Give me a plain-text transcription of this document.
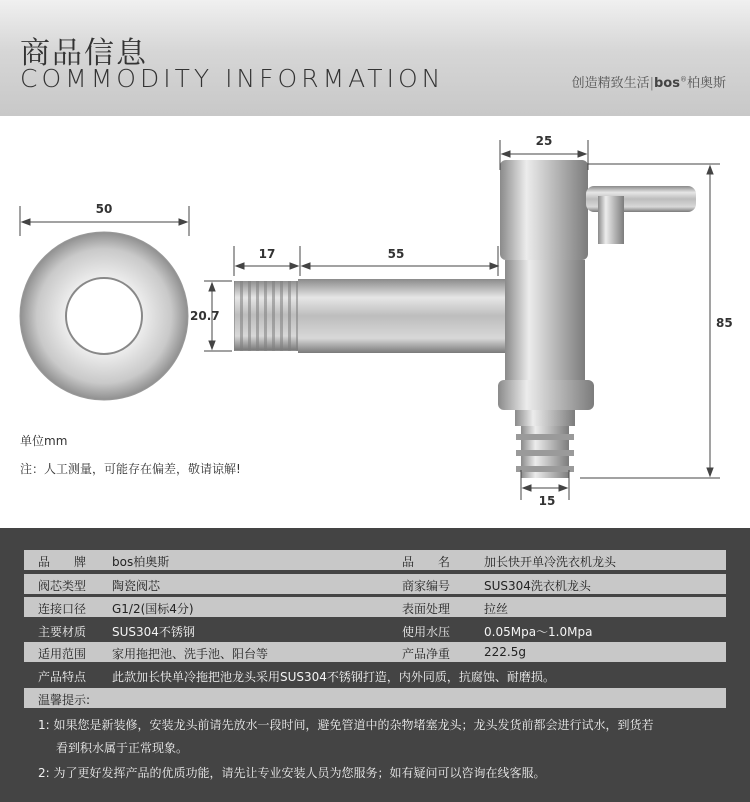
商品信息
COMMODITY INFORMATION	创造精致生活|bos®柏奥斯
50
17	55
20.7
25
85
15
单位mm
注：人工测量，可能存在偏差，敬请谅解!
品　　牌 bos柏奥斯	品　　名	加长快开单冷洗衣机龙头
阀芯类型 陶瓷阀芯	商家编号	SUS304洗衣机龙头
连接口径 G1/2(国标4分)	表面处理	拉丝
主要材质 SUS304不锈钢	使用水压	0.05Mpa～1.0Mpa
适用范围 家用拖把池、洗手池、阳台等	产品净重	222.5g
产品特点 此款加长快单冷拖把池龙头采用SUS304不锈钢打造，内外同质，抗腐蚀、耐磨损。
温馨提示:
1: 如果您是新装修，安装龙头前请先放水一段时间，避免管道中的杂物堵塞龙头；龙头发货前都会进行试水，到货若
看到积水属于正常现象。
2: 为了更好发挥产品的优质功能，请先让专业安装人员为您服务；如有疑问可以咨询在线客服。
